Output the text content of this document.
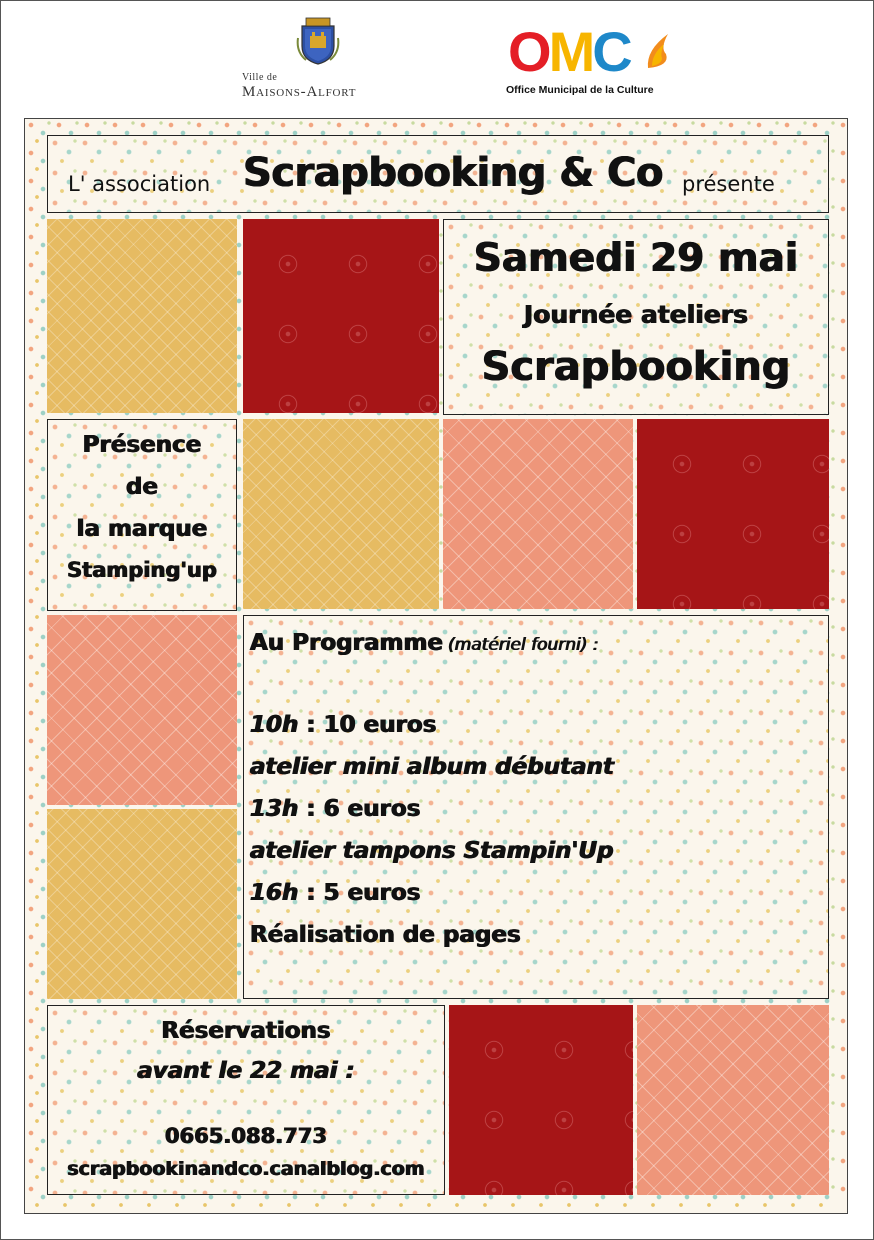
Ville de
Maisons-Alfort
OMC
Office Municipal de la Culture
L' association Scrapbooking & Co présente
Samedi 29 mai
Journée ateliers
Scrapbooking
Présence
de
la marque
Stamping'up
Au Programme (matériel fourni) :
10h : 10 euros
atelier mini album débutant
13h : 6 euros
atelier tampons Stampin'Up
16h : 5 euros
Réalisation de pages
Réservations
avant le 22 mai :
0665.088.773
scrapbookinandco.canalblog.com
